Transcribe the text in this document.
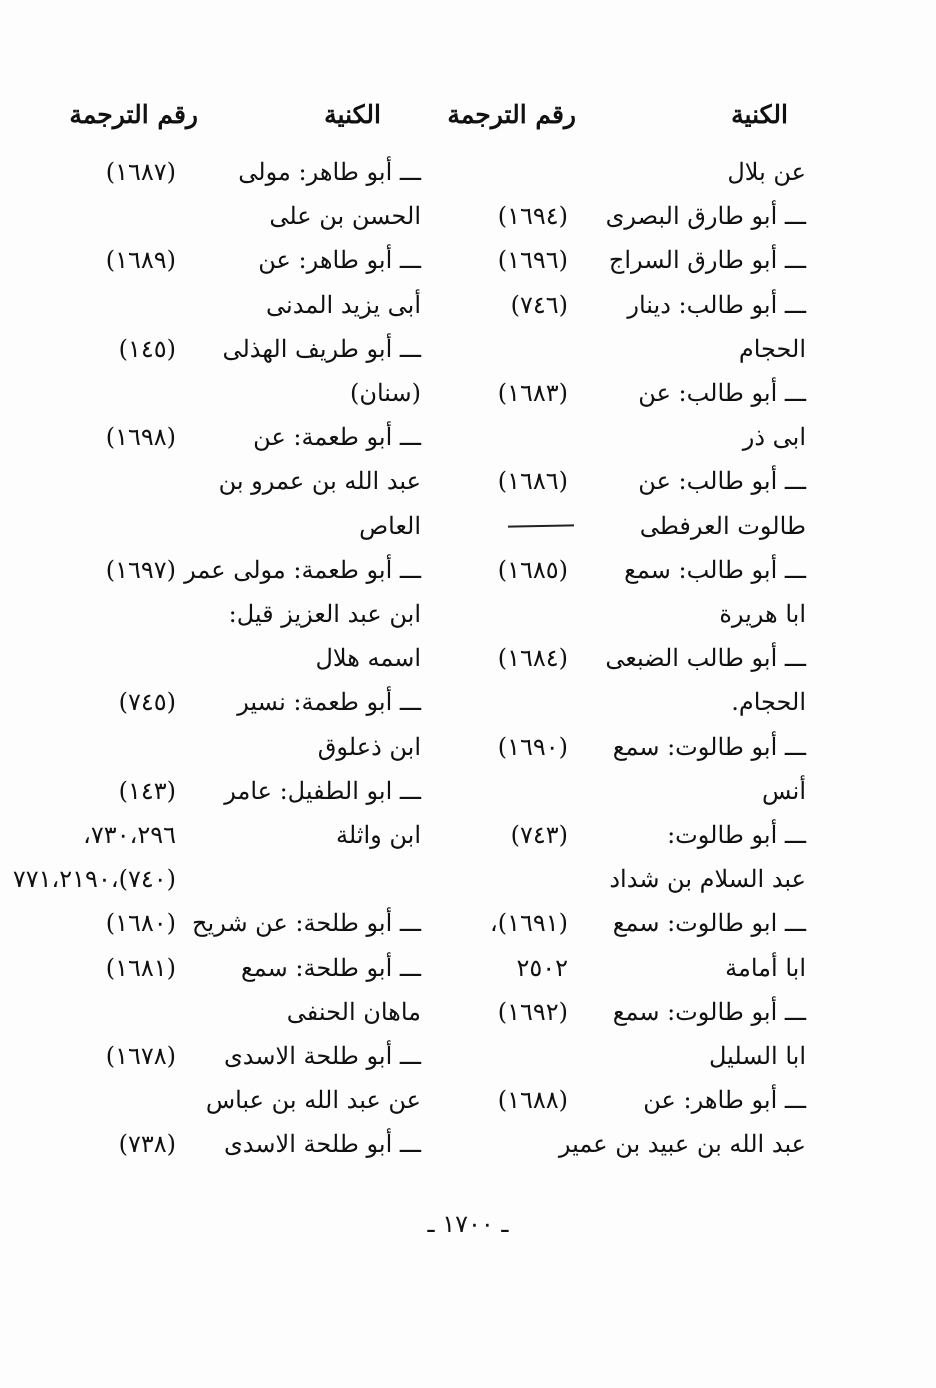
الكنية
رقم الترجمة
الكنية
رقم الترجمة
عن بلال
ـــ أبو طارق البصرى
(١٦٩٤)
ـــ أبو طارق السراج
(١٦٩٦)
ـــ أبو طالب: دينار
(٧٤٦)
الحجام
ـــ أبو طالب: عن
(١٦٨٣)
ابى ذر
ـــ أبو طالب: عن
(١٦٨٦)
طالوت العرفطى
ـــ أبو طالب: سمع
(١٦٨٥)
ابا هريرة
ـــ أبو طالب الضبعى
(١٦٨٤)
الحجام.
ـــ أبو طالوت: سمع
(١٦٩٠)
أنس
ـــ أبو طالوت:
(٧٤٣)
عبد السلام بن شداد
ـــ ابو طالوت: سمع
(١٦٩١)،
ابا أمامة
٢٥٠٢
ـــ أبو طالوت: سمع
(١٦٩٢)
ابا السليل
ـــ أبو طاهر: عن
(١٦٨٨)
عبد الله بن عبيد بن عمير
ـــ أبو طاهر: مولى
(١٦٨٧)
الحسن بن على
ـــ أبو طاهر: عن
(١٦٨٩)
أبى يزيد المدنى
ـــ أبو طريف الهذلى
(١٤٥)
(سنان)
ـــ أبو طعمة: عن
(١٦٩٨)
عبد الله بن عمرو بن
العاص
ـــ أبو طعمة: مولى عمر
(١٦٩٧)
ابن عبد العزيز قيل:
اسمه هلال
ـــ أبو طعمة: نسير
(٧٤٥)
ابن ذعلوق
ـــ ابو الطفيل: عامر
(١٤٣)
ابن واثلة
٧٣٠،٢٩٦،
(٧٤٠)،٧٧١،٢١٩٠
ـــ أبو طلحة: عن شريح
(١٦٨٠)
ـــ أبو طلحة: سمع
(١٦٨١)
ماهان الحنفى
ـــ أبو طلحة الاسدى
(١٦٧٨)
عن عبد الله بن عباس
ـــ أبو طلحة الاسدى
(٧٣٨)
ـ ١٧٠٠ ـ
